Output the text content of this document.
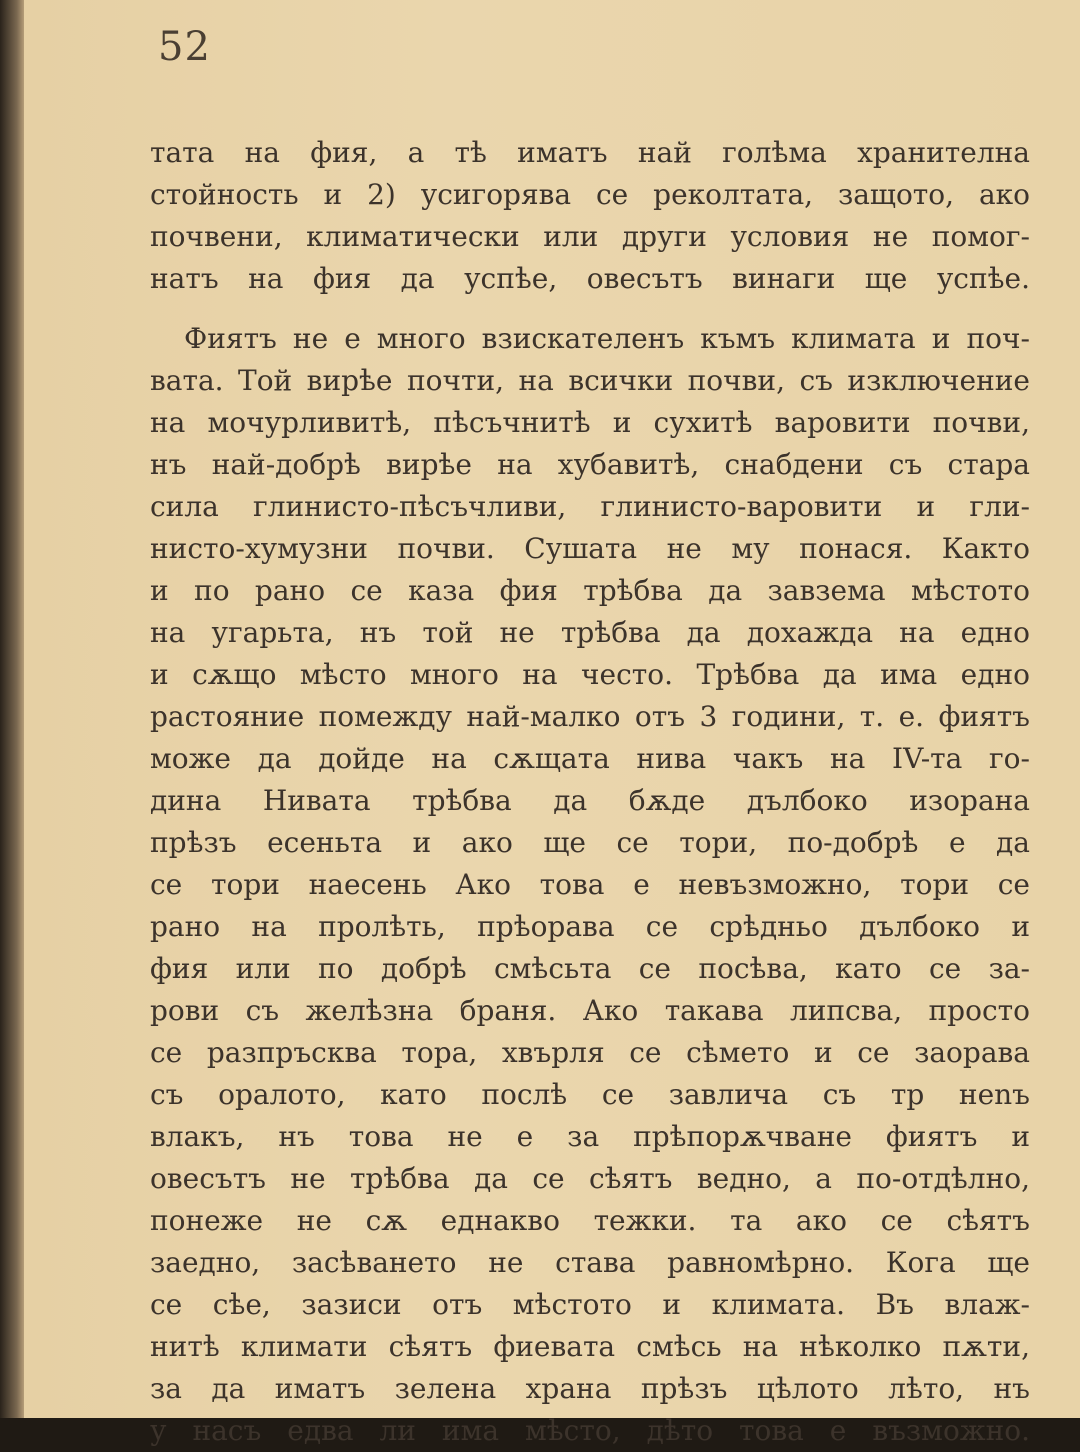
52
тата на фия, а тѣ иматъ най голѣма хранителна
стойность и 2) усигорява се реколтата, защото, ако
почвени, климатически или други условия не помог-
натъ на фия да успѣе, овесътъ винаги ще успѣе.
Фиятъ не е много взискателенъ къмъ климата и поч-
вата. Той вирѣе почти, на всички почви, съ изключение
на мочурливитѣ, пѣсъчнитѣ и сухитѣ варовити почви,
нъ най-добрѣ вирѣе на хубавитѣ, снабдени съ стара
сила глинисто-пѣсъчливи, глинисто-варовити и гли-
нисто-хумузни почви. Сушата не му понася. Както
и по рано се каза фия трѣбва да завзема мѣстото
на угарьта, нъ той не трѣбва да дохажда на едно
и сѫщо мѣсто много на често. Трѣбва да има едно
растояние помежду най-малко отъ 3 години, т. е. фиятъ
може да дойде на сѫщата нива чакъ на IV-та го-
дина Нивата трѣбва да бѫде дълбоко изорана
прѣзъ есеньта и ако ще се тори, по-добрѣ е да
се тори наесень Ако това е невъзможно, тори се
рано на пролѣть, прѣорава се срѣдньо дълбоко и
фия или по добрѣ смѣсьта се посѣва, като се за-
рови съ желѣзна браня. Ако такава липсва, просто
се разпръсква тора, хвърля се сѣмето и се заорава
съ оралото, като послѣ се завлича съ тр нenъ
влакъ, нъ това не е за прѣпорѫчване фиятъ и
овесътъ не трѣбва да се сѣятъ ведно, а по-отдѣлно,
понеже не сѫ еднакво тежки. та ако се сѣятъ
заедно, засѣването не става равномѣрно. Кога ще
се сѣе, зазиси отъ мѣстото и климата. Въ влаж-
нитѣ климати сѣятъ фиевата смѣсь на нѣколко пѫти,
за да иматъ зелена храна прѣзъ цѣлото лѣто, нъ
у насъ едва ли има мѣсто, дѣто това е възможно.
